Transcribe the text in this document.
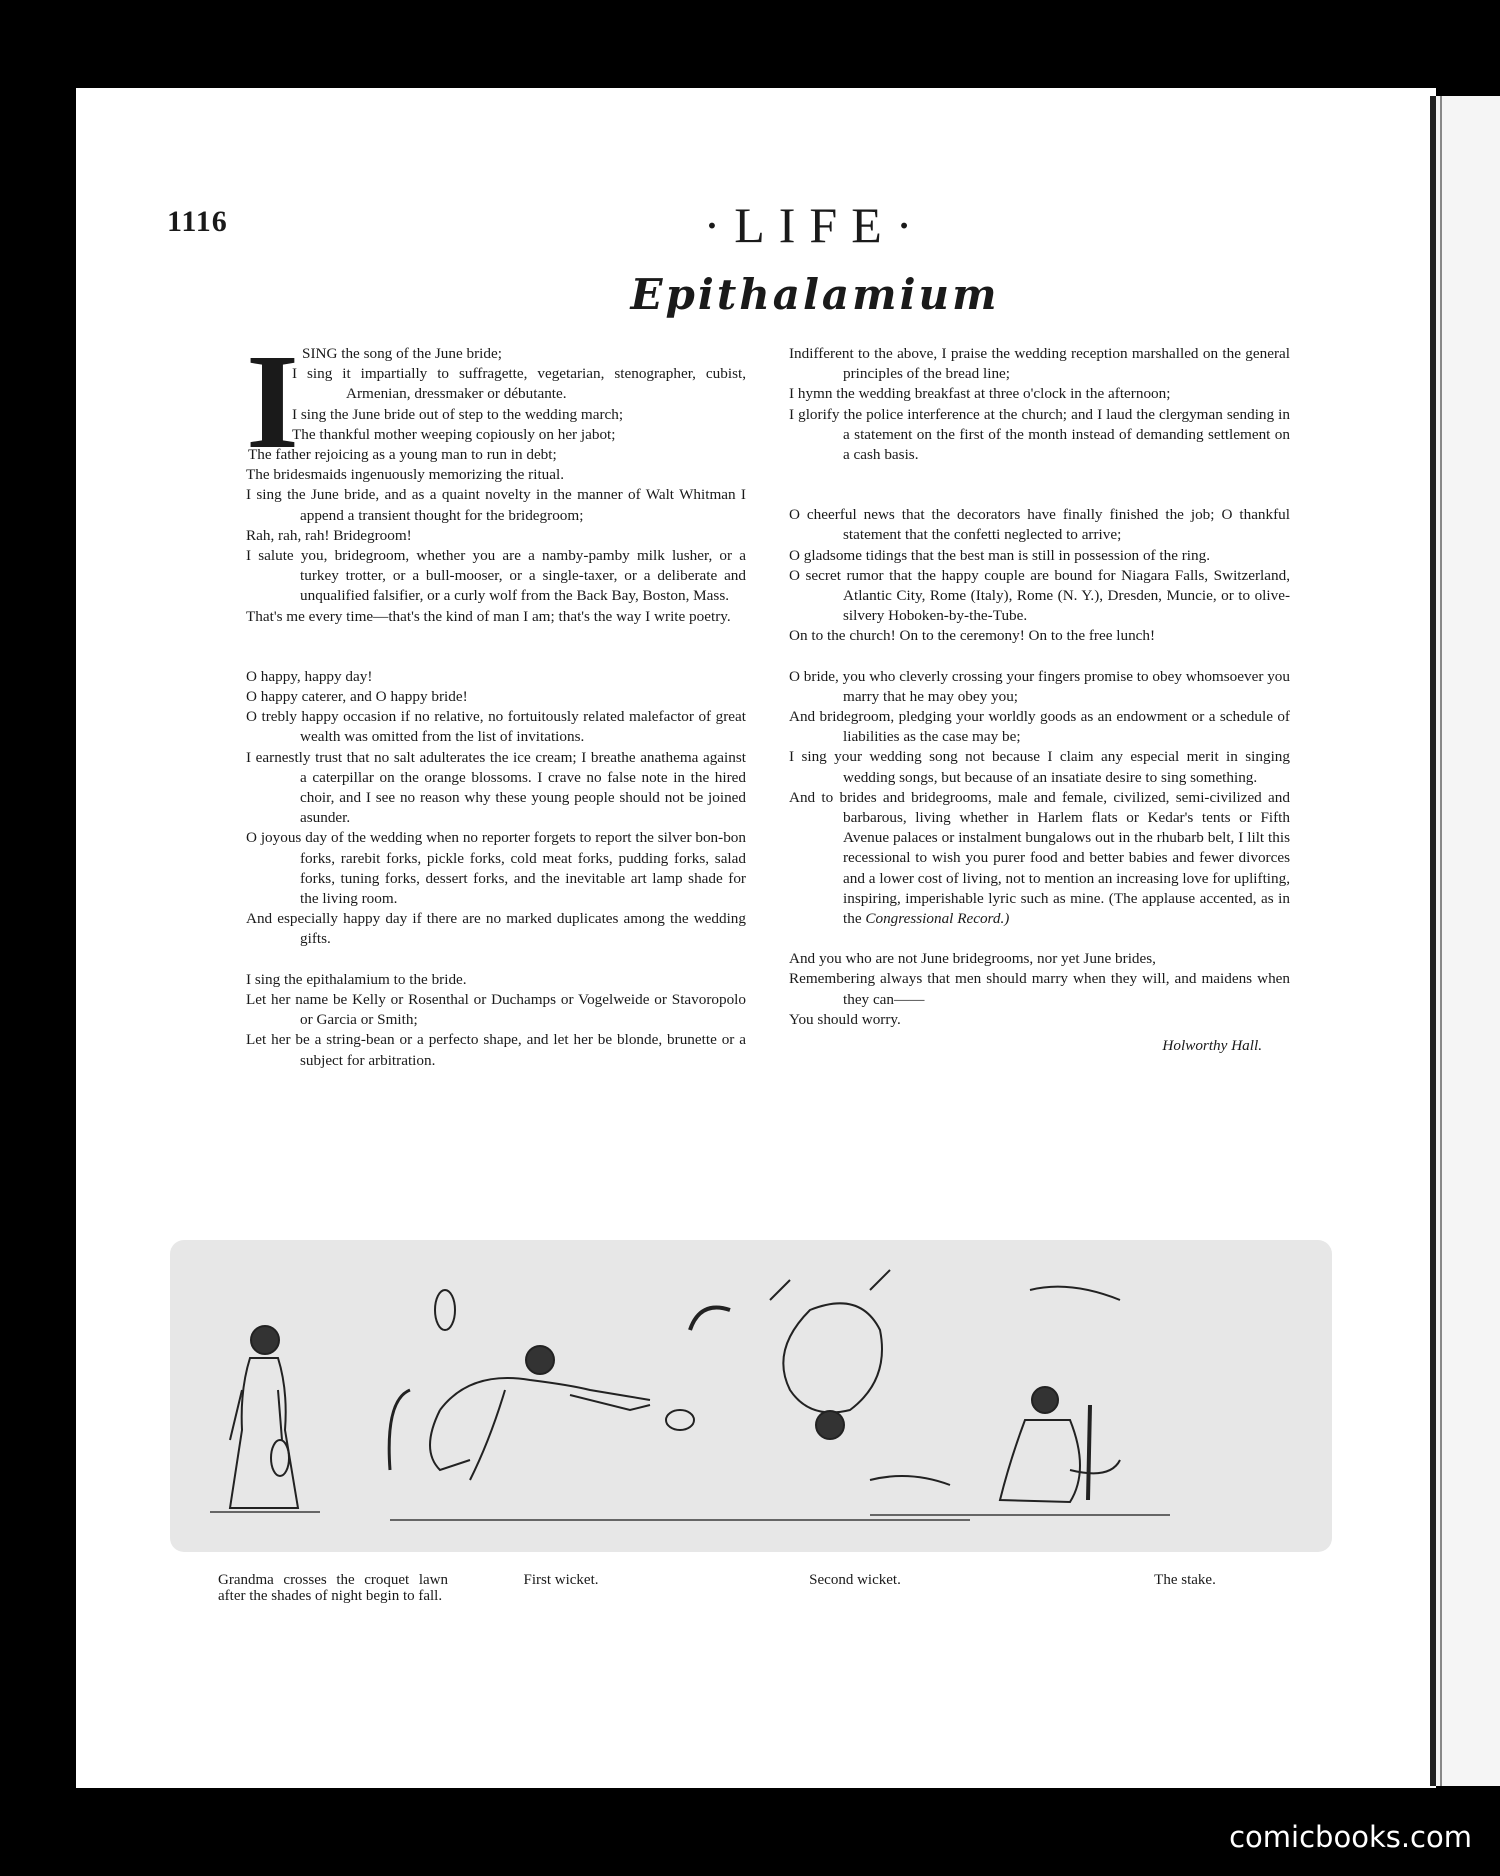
1116	·LIFE·
Epithalamium
I SING the song of the June bride;

I sing it impartially to suffragette, vegetarian, stenographer, cubist, Armenian, dressmaker or débutante.

I sing the June bride out of step to the wedding march;

The thankful mother weeping copiously on her jabot;

The father rejoicing as a young man to run in debt;

The bridesmaids ingenuously memorizing the ritual.

I sing the June bride, and as a quaint novelty in the manner of Walt Whitman I append a transient thought for the bridegroom;

Rah, rah, rah! Bridegroom!

I salute you, bridegroom, whether you are a namby-pamby milk lusher, or a turkey trotter, or a bull-mooser, or a single-taxer, or a deliberate and unqualified falsifier, or a curly wolf from the Back Bay, Boston, Mass.

That's me every time—that's the kind of man I am; that's the way I write poetry.

O happy, happy day!

O happy caterer, and O happy bride!

O trebly happy occasion if no relative, no fortuitously related malefactor of great wealth was omitted from the list of invitations.

I earnestly trust that no salt adulterates the ice cream; I breathe anathema against a caterpillar on the orange blossoms. I crave no false note in the hired choir, and I see no reason why these young people should not be joined asunder.

O joyous day of the wedding when no reporter forgets to report the silver bon-bon forks, rarebit forks, pickle forks, cold meat forks, pudding forks, salad forks, tuning forks, dessert forks, and the inevitable art lamp shade for the living room.

And especially happy day if there are no marked duplicates among the wedding gifts.

I sing the epithalamium to the bride.

Let her name be Kelly or Rosenthal or Duchamps or Vogelweide or Stavoropolo or Garcia or Smith;

Let her be a string-bean or a perfecto shape, and let her be blonde, brunette or a subject for arbitration.

Indifferent to the above, I praise the wedding reception marshalled on the general principles of the bread line;

I hymn the wedding breakfast at three o'clock in the afternoon;

I glorify the police interference at the church; and I laud the clergyman sending in a statement on the first of the month instead of demanding settlement on a cash basis.

O cheerful news that the decorators have finally finished the job; O thankful statement that the confetti neglected to arrive;

O gladsome tidings that the best man is still in possession of the ring.

O secret rumor that the happy couple are bound for Niagara Falls, Switzerland, Atlantic City, Rome (Italy), Rome (N. Y.), Dresden, Muncie, or to olive-silvery Hoboken-by-the-Tube.

On to the church! On to the ceremony! On to the free lunch!

O bride, you who cleverly crossing your fingers promise to obey whomsoever you marry that he may obey you;

And bridegroom, pledging your worldly goods as an endowment or a schedule of liabilities as the case may be;

I sing your wedding song not because I claim any especial merit in singing wedding songs, but because of an insatiate desire to sing something.

And to brides and bridegrooms, male and female, civilized, semi-civilized and barbarous, living whether in Harlem flats or Kedar's tents or Fifth Avenue palaces or instalment bungalows out in the rhubarb belt, I lilt this recessional to wish you purer food and better babies and fewer divorces and a lower cost of living, not to mention an increasing love for uplifting, inspiring, imperishable lyric such as mine. (The applause accented, as in the Congressional Record.)

And you who are not June bridegrooms, nor yet June brides,

Remembering always that men should marry when they will, and maidens when they can——

You should worry.

Holworthy Hall.
Grandma crosses the croquet lawn after the shades of night begin to fall.
First wicket.	Second wicket.	The stake.
comicbooks.com
